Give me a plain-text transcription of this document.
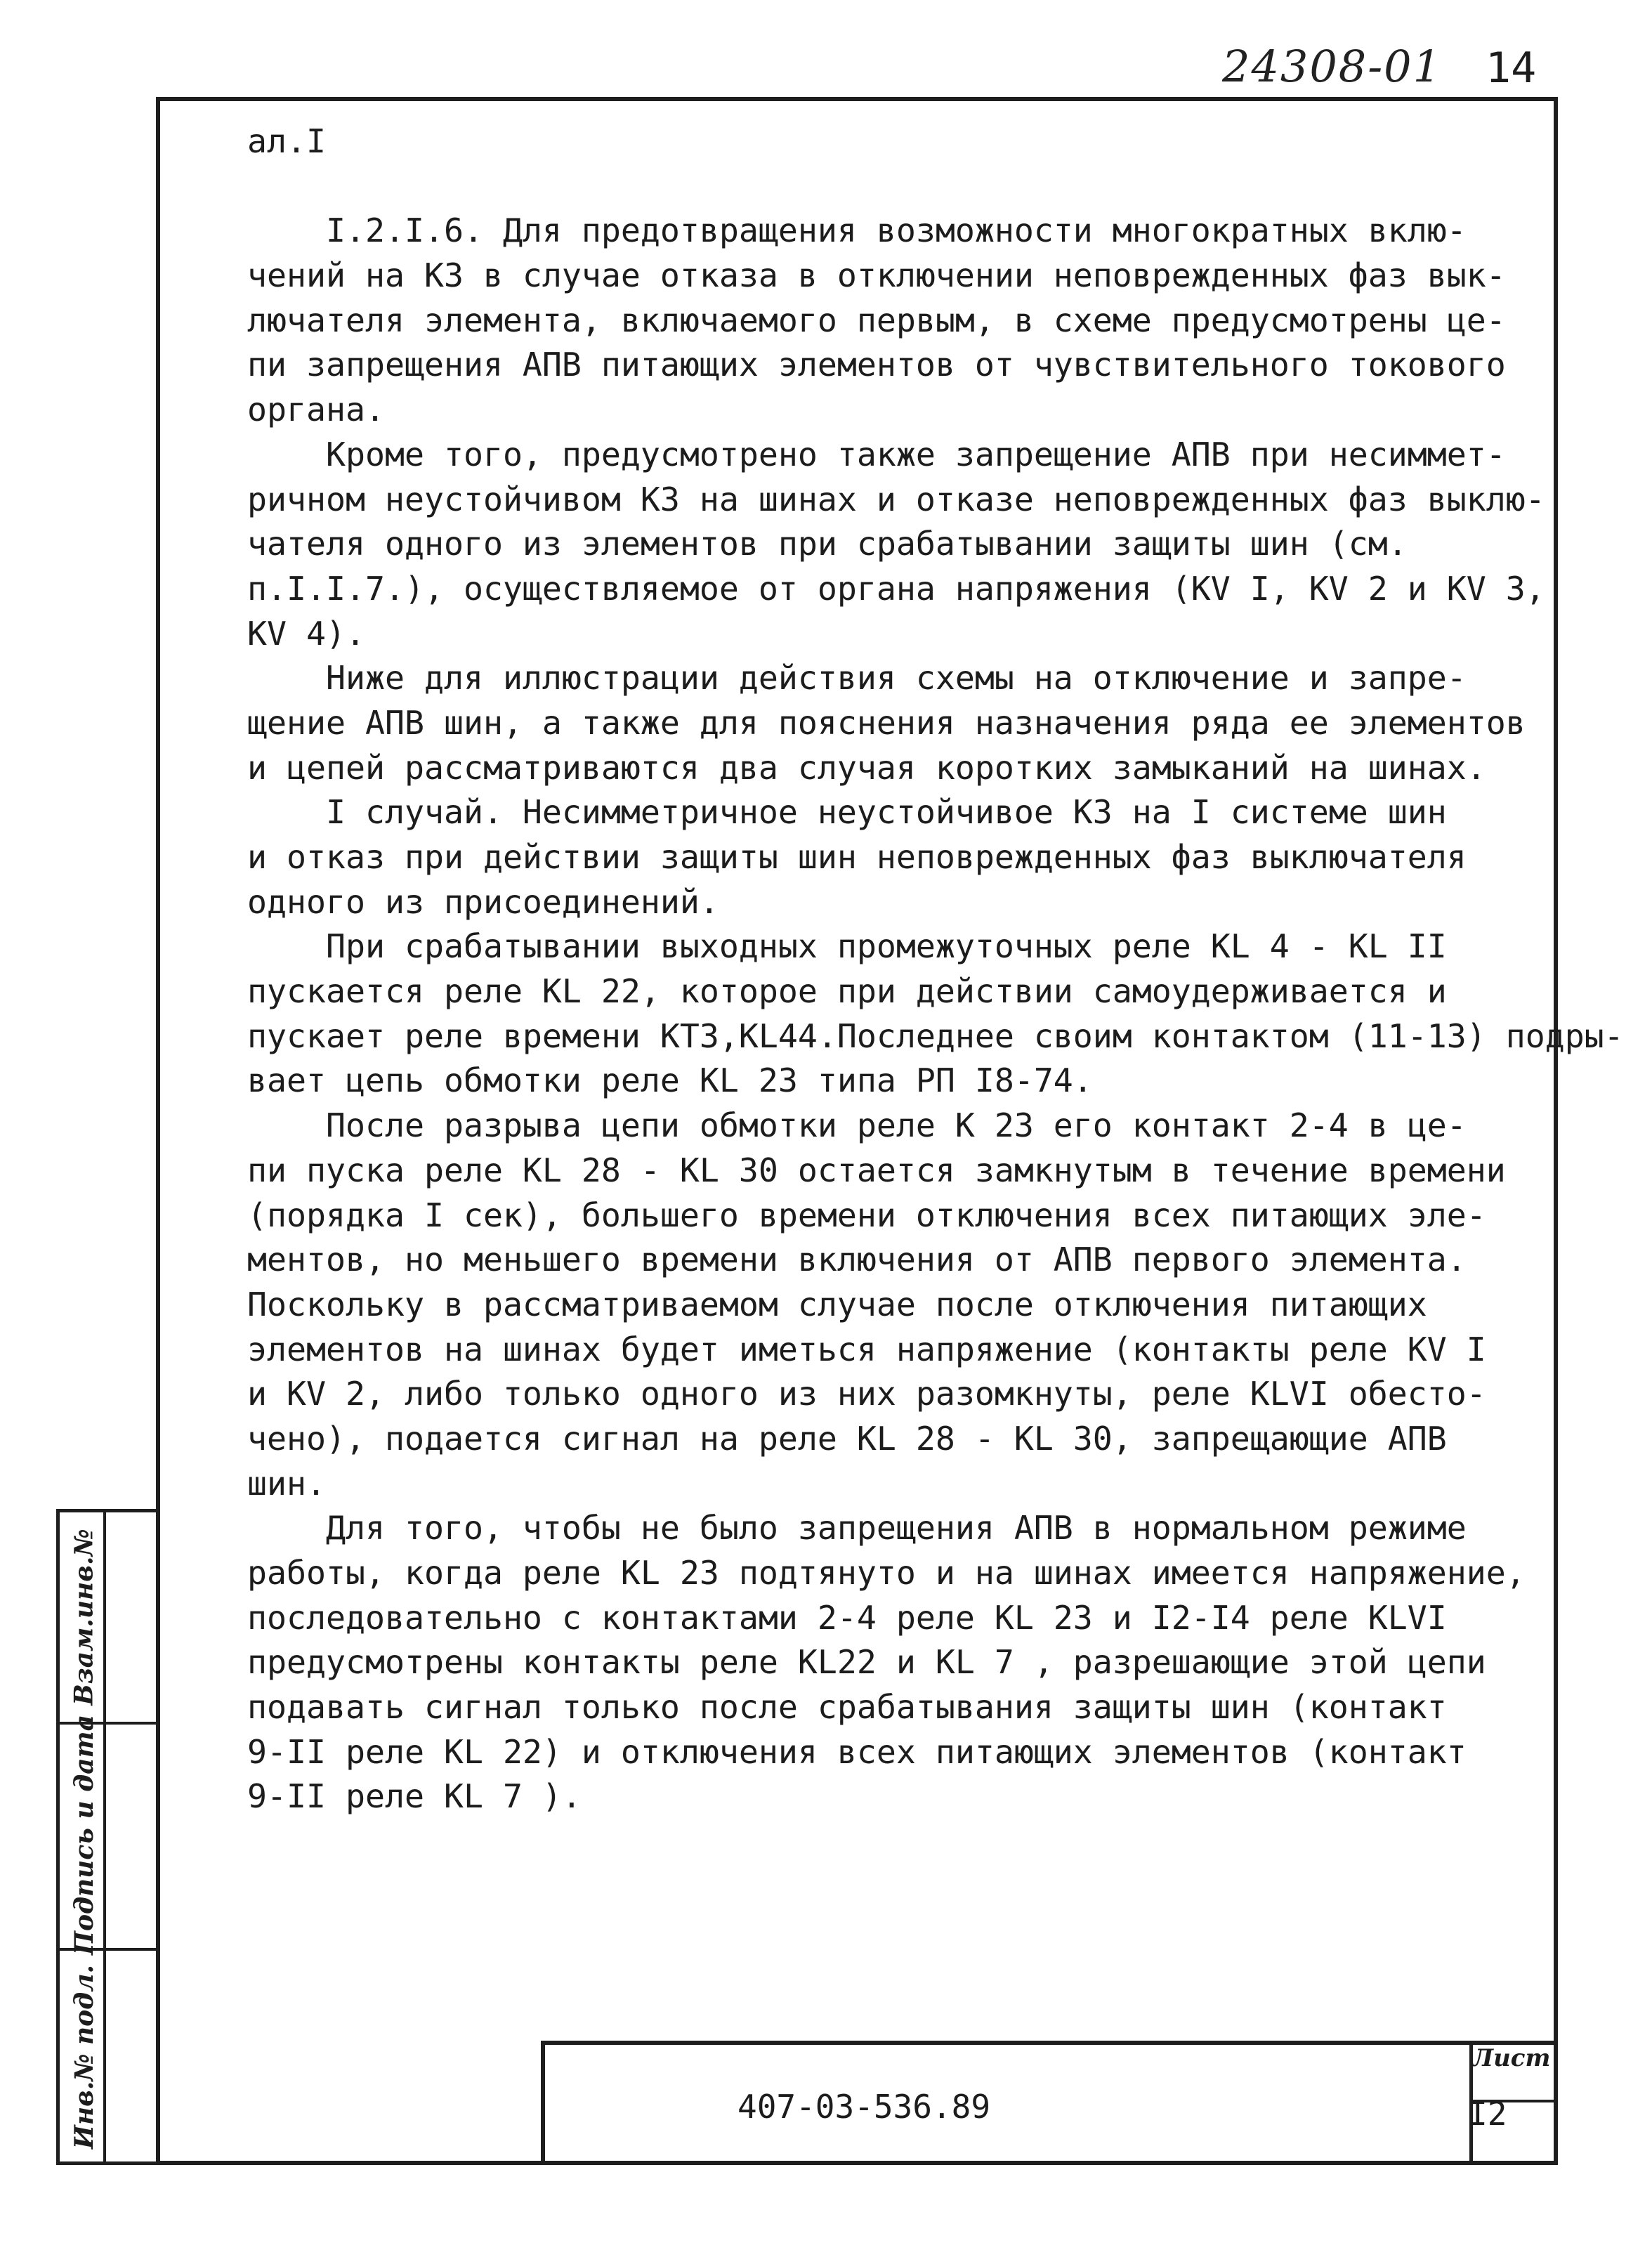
24308-01 14
Взам.инв.№
Подпись и дата
Инв.№ подл.	407-03-536.89
Лист
I2
ал.I
I.2.I.6. Для предотвращения возможности многократных вклю-
чений на КЗ в случае отказа в отключении неповрежденных фаз вык-
лючателя элемента, включаемого первым, в схеме предусмотрены це-
пи запрещения АПВ питающих элементов от чувствительного токового
органа.
Кроме того, предусмотрено также запрещение АПВ при несиммет-
ричном неустойчивом КЗ на шинах и отказе неповрежденных фаз выклю-
чателя одного из элементов при срабатывании защиты шин (см.
п.I.I.7.), осуществляемое от органа напряжения (KV I, KV 2 и KV 3,
KV 4).
Ниже для иллюстрации действия схемы на отключение и запре-
щение АПВ шин, а также для пояснения назначения ряда ее элементов
и цепей рассматриваются два случая коротких замыканий на шинах.
I случай. Несимметричное неустойчивое КЗ на I системе шин
и отказ при действии защиты шин неповрежденных фаз выключателя
одного из присоединений.
При срабатывании выходных промежуточных реле KL 4 - KL II
пускается реле KL 22, которое при действии самоудерживается и
пускает реле времени КТЗ,KL44.Последнее своим контактом (11-13) подры-
вает цепь обмотки реле KL 23 типа РП I8-74.
После разрыва цепи обмотки реле К 23 его контакт 2-4 в це-
пи пуска реле KL 28 - KL 30 остается замкнутым в течение времени
(порядка I сек), большего времени отключения всех питающих эле-
ментов, но меньшего времени включения от АПВ первого элемента.
Поскольку в рассматриваемом случае после отключения питающих
элементов на шинах будет иметься напряжение (контакты реле KV I
и KV 2, либо только одного из них разомкнуты, реле KLVI обесто-
чено), подается сигнал на реле KL 28 - KL 30, запрещающие АПВ
шин.
Для того, чтобы не было запрещения АПВ в нормальном режиме
работы, когда реле KL 23 подтянуто и на шинах имеется напряжение,
последовательно с контактами 2-4 реле KL 23 и I2-I4 реле KLVI
предусмотрены контакты реле KL22 и KL 7 , разрешающие этой цепи
подавать сигнал только после срабатывания защиты шин (контакт
9-II реле KL 22) и отключения всех питающих элементов (контакт
9-II реле KL 7 ).
